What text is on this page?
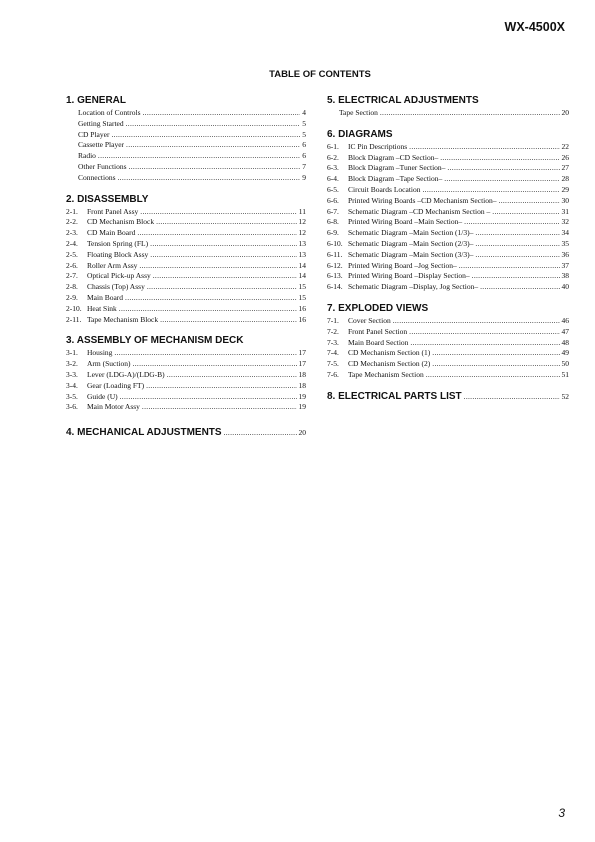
WX-4500X
TABLE OF CONTENTS
1. GENERAL
Location of Controls .....	4
Getting Started .....	5
CD Player .....	5
Cassette Player .....	6
Radio .....	6
Other Functions .....	7
Connections .....	9
2. DISASSEMBLY
2-1.	Front Panel Assy .....	11
2-2.	CD Mechanism Block .....	12
2-3.	CD Main Board .....	12
2-4.	Tension Spring (FL) .....	13
2-5.	Floating Block Assy .....	13
2-6.	Roller Arm Assy .....	14
2-7.	Optical Pick-up Assy .....	14
2-8.	Chassis (Top) Assy .....	15
2-9.	Main Board .....	15
2-10. Heat Sink .....	16
2-11. Tape Mechanism Block .....	16
3. ASSEMBLY OF MECHANISM DECK
3-1.	Housing .....	17
3-2.	Arm (Suction) .....	17
3-3.	Lever (LDG-A)/(LDG-B) .....	18
3-4.	Gear (Loading FT) .....	18
3-5.	Guide (U) .....	19
3-6.	Main Motor Assy .....	19
4. MECHANICAL ADJUSTMENTS .....	20
5. ELECTRICAL ADJUSTMENTS
Tape Section .....	20
6. DIAGRAMS
6-1.	IC Pin Descriptions .....	22
6-2.	Block Diagram –CD Section– .....	26
6-3.	Block Diagram –Tuner Section– .....	27
6-4.	Block Diagram –Tape Section– .....	28
6-5.	Circuit Boards Location .....	29
6-6.	Printed Wiring Boards –CD Mechanism Section– .....	30
6-7.	Schematic Diagram –CD Mechanism Section – .....	31
6-8.	Printed Wiring Board –Main Section– .....	32
6-9.	Schematic Diagram –Main Section (1/3)– .....	34
6-10. Schematic Diagram –Main Section (2/3)– .....	35
6-11. Schematic Diagram –Main Section (3/3)– .....	36
6-12. Printed Wiring Board –Jog Section– .....	37
6-13. Printed Wiring Board –Display Section– .....	38
6-14. Schematic Diagram –Display, Jog Section– .....	40
7. EXPLODED VIEWS
7-1.	Cover Section .....	46
7-2.	Front Panel Section .....	47
7-3.	Main Board Section .....	48
7-4.	CD Mechanism Section (1) .....	49
7-5.	CD Mechanism Section (2) .....	50
7-6.	Tape Mechanism Section .....	51
8. ELECTRICAL PARTS LIST .....	52
3
